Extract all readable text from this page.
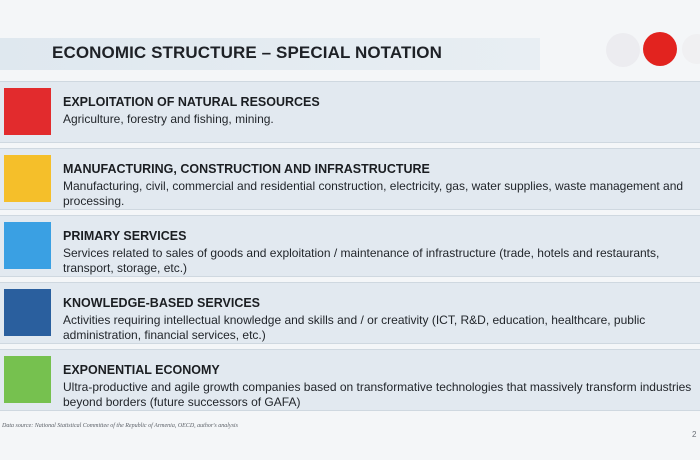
ECONOMIC STRUCTURE – SPECIAL NOTATION
EXPLOITATION OF NATURAL RESOURCES
Agriculture, forestry and fishing, mining.
MANUFACTURING, CONSTRUCTION AND INFRASTRUCTURE
Manufacturing, civil, commercial and residential construction, electricity, gas, water supplies, waste management and processing.
PRIMARY SERVICES
Services related to sales of goods and exploitation / maintenance of infrastructure (trade, hotels and restaurants, transport, storage, etc.)
KNOWLEDGE-BASED SERVICES
Activities requiring intellectual knowledge and skills and / or creativity (ICT, R&D, education, healthcare, public administration, financial services, etc.)
EXPONENTIAL ECONOMY
Ultra-productive and agile growth companies based on transformative technologies that massively transform industries beyond borders (future successors of GAFA)
Data source: National Statistical Committee of the Republic of Armenia, OECD, author's analysis
2
